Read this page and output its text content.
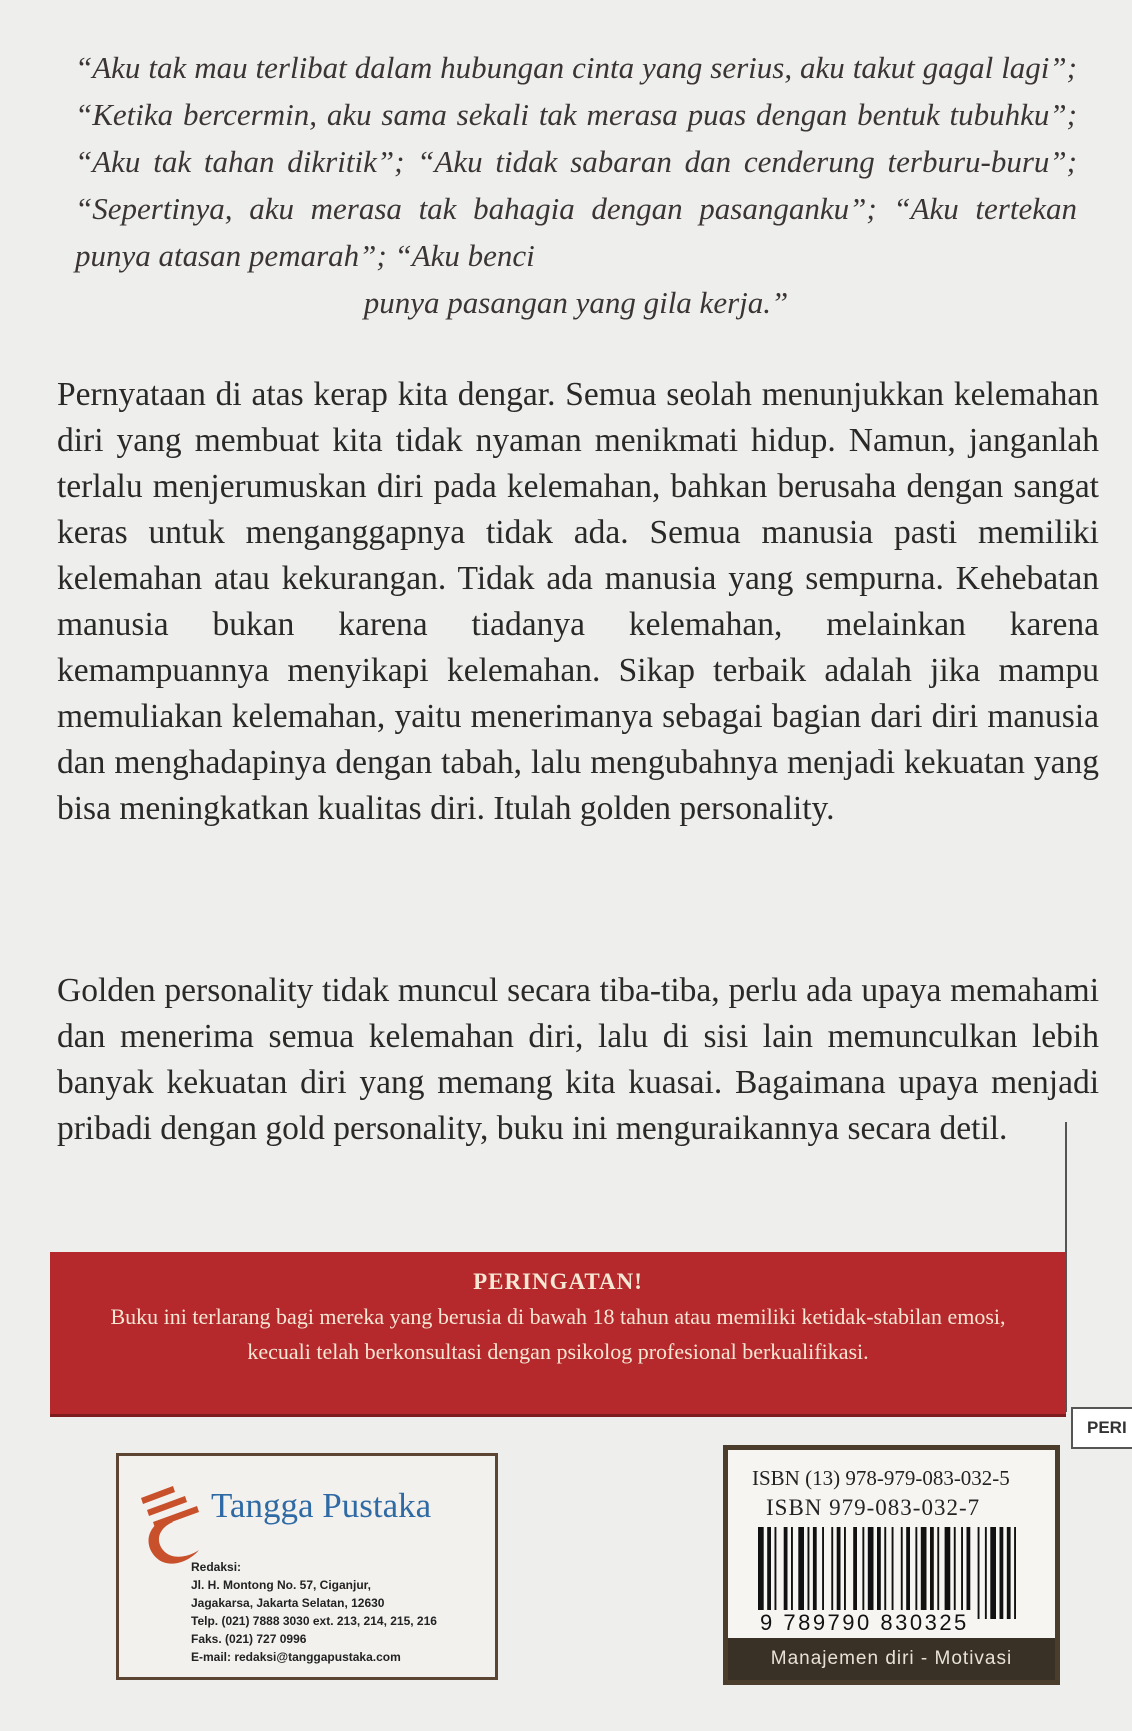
“Aku tak mau terlibat dalam hubungan cinta yang serius, aku takut gagal lagi”; “Ketika bercermin, aku sama sekali tak merasa puas dengan bentuk tubuhku”; “Aku tak tahan dikritik”; “Aku tidak sabaran dan cenderung terburu-buru”; “Sepertinya, aku merasa tak bahagia dengan pasanganku”; “Aku tertekan punya atasan pemarah”; “Aku benci
punya pasangan yang gila kerja.”

Pernyataan di atas kerap kita dengar. Semua seolah menunjukkan kelemahan diri yang membuat kita tidak nyaman menikmati hidup. Namun, janganlah terlalu menjerumuskan diri pada kelemahan, bahkan berusaha dengan sangat keras untuk menganggapnya tidak ada. Semua manusia pasti memiliki kelemahan atau kekurangan. Tidak ada manusia yang sempurna. Kehebatan manusia bukan karena tiadanya kelemahan, melainkan karena kemampuannya menyikapi kelemahan. Sikap terbaik adalah jika mampu memuliakan kelemahan, yaitu menerimanya sebagai bagian dari diri manusia dan menghadapinya dengan tabah, lalu mengubahnya menjadi kekuatan yang bisa meningkatkan kualitas diri. Itulah golden personality.

Golden personality tidak muncul secara tiba-tiba, perlu ada upaya memahami dan menerima semua kelemahan diri, lalu di sisi lain memunculkan lebih banyak kekuatan diri yang memang kita kuasai. Bagaimana upaya menjadi pribadi dengan gold personality, buku ini menguraikannya secara detil.

PERI
PERINGATAN!
Buku ini terlarang bagi mereka yang berusia di bawah 18 tahun atau memiliki ketidak-stabilan emosi, kecuali telah berkonsultasi dengan psikolog profesional berkualifikasi.
Tangga Pustaka
Redaksi:
Jl. H. Montong No. 57, Ciganjur,
Jagakarsa, Jakarta Selatan, 12630
Telp. (021) 7888 3030 ext. 213, 214, 215, 216
Faks. (021) 727 0996
E-mail: redaksi@tanggapustaka.com
ISBN (13) 978-979-083-032-5
ISBN 979-083-032-7
9 789790 830325
Manajemen diri - Motivasi
